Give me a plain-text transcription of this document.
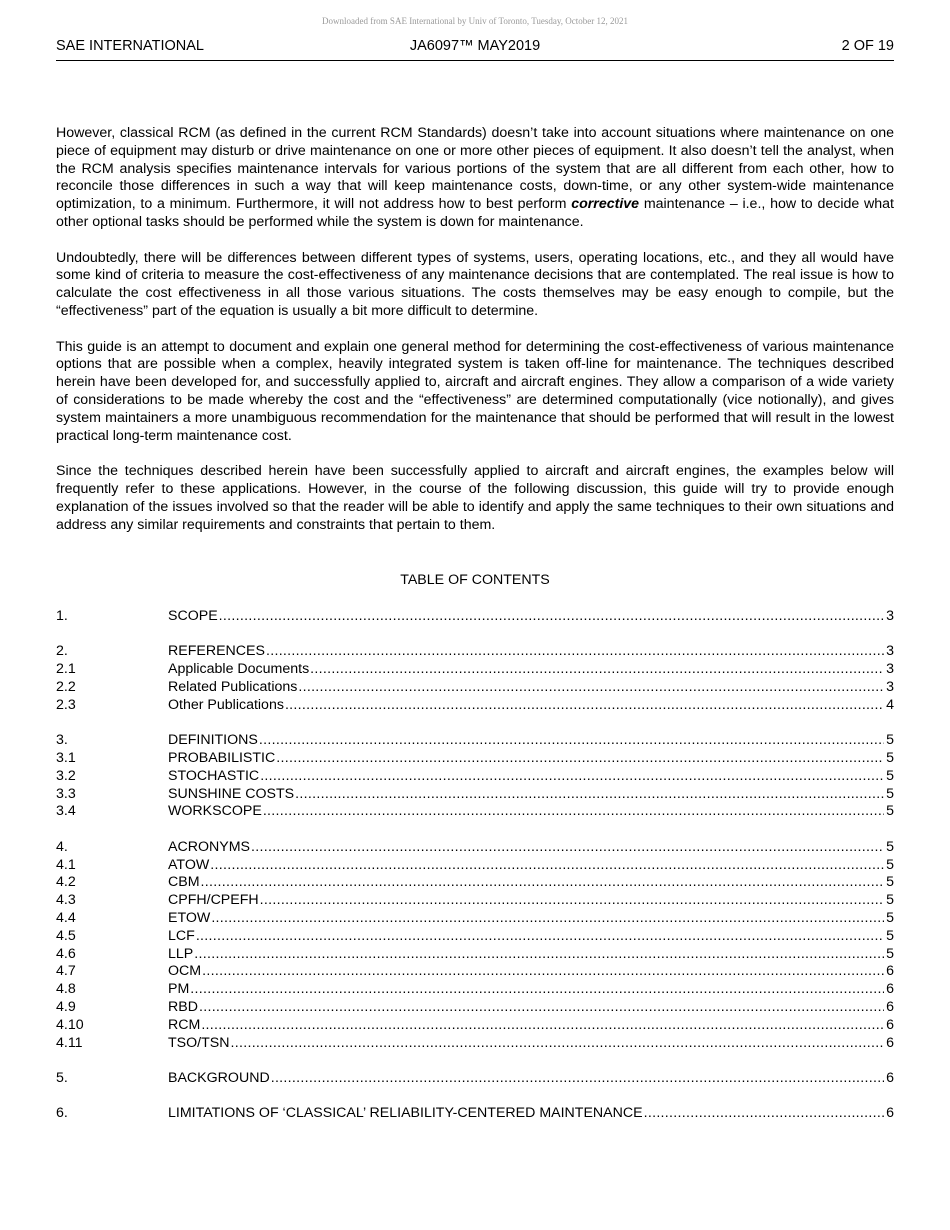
Downloaded from SAE International by Univ of Toronto, Tuesday, October 12, 2021
SAE INTERNATIONAL	JA6097™ MAY2019	2 OF 19

However, classical RCM (as defined in the current RCM Standards) doesn’t take into account situations where maintenance on one piece of equipment may disturb or drive maintenance on one or more other pieces of equipment. It also doesn’t tell the analyst, when the RCM analysis specifies maintenance intervals for various portions of the system that are all different from each other, how to reconcile those differences in such a way that will keep maintenance costs, down-time, or any other system-wide maintenance optimization, to a minimum. Furthermore, it will not address how to best perform corrective maintenance – i.e., how to decide what other optional tasks should be performed while the system is down for maintenance.

Undoubtedly, there will be differences between different types of systems, users, operating locations, etc., and they all would have some kind of criteria to measure the cost-effectiveness of any maintenance decisions that are contemplated. The real issue is how to calculate the cost effectiveness in all those various situations. The costs themselves may be easy enough to compile, but the “effectiveness” part of the equation is usually a bit more difficult to determine.

This guide is an attempt to document and explain one general method for determining the cost-effectiveness of various maintenance options that are possible when a complex, heavily integrated system is taken off-line for maintenance. The techniques described herein have been developed for, and successfully applied to, aircraft and aircraft engines. They allow a comparison of a wide variety of considerations to be made whereby the cost and the “effectiveness” are determined computationally (vice notionally), and gives system maintainers a more unambiguous recommendation for the maintenance that should be performed that will result in the lowest practical long-term maintenance cost.

Since the techniques described herein have been successfully applied to aircraft and aircraft engines, the examples below will frequently refer to these applications. However, in the course of the following discussion, this guide will try to provide enough explanation of the issues involved so that the reader will be able to identify and apply the same techniques to their own situations and address any similar requirements and constraints that pertain to them.

TABLE OF CONTENTS
1.	SCOPE .....	3
2.	REFERENCES .....	3
2.1	Applicable Documents .....	3
2.2	Related Publications .....	3
2.3	Other Publications .....	4
3.	DEFINITIONS .....	5
3.1	PROBABILISTIC .....	5
3.2	STOCHASTIC .....	5
3.3	SUNSHINE COSTS .....	5
3.4	WORKSCOPE .....	5
4.	ACRONYMS .....	5
4.1	ATOW .....	5
4.2	CBM .....	5
4.3	CPFH/CPEFH .....	5
4.4	ETOW .....	5
4.5	LCF .....	5
4.6	LLP .....	5
4.7	OCM .....	6
4.8	PM .....	6
4.9	RBD .....	6
4.10	RCM .....	6
4.11	TSO/TSN .....	6
5.	BACKGROUND .....	6
6.	LIMITATIONS OF ‘CLASSICAL’ RELIABILITY-CENTERED MAINTENANCE .....	6
